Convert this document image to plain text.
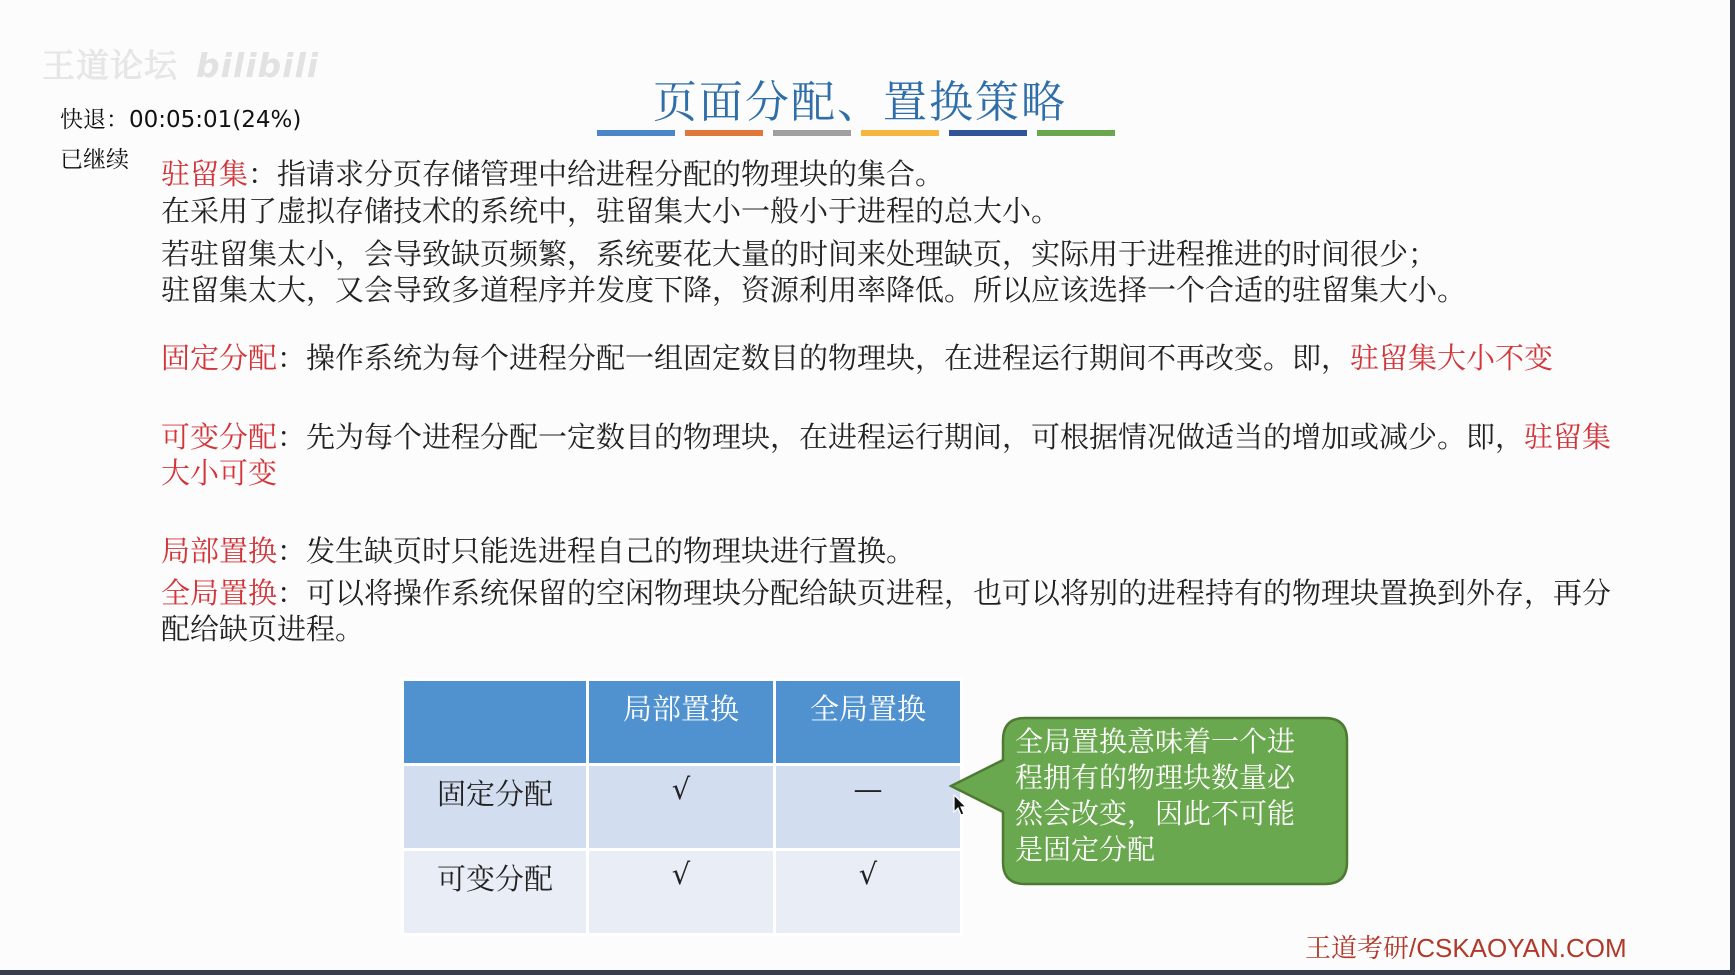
王道论坛 bilibili
快退：00:05:01(24%)
已继续
页面分配、置换策略

驻留集：指请求分页存储管理中给进程分配的物理块的集合。

在采用了虚拟存储技术的系统中，驻留集大小一般小于进程的总大小。

若驻留集太小，会导致缺页频繁，系统要花大量的时间来处理缺页，实际用于进程推进的时间很少；

驻留集太大，又会导致多道程序并发度下降，资源利用率降低。所以应该选择一个合适的驻留集大小。

固定分配：操作系统为每个进程分配一组固定数目的物理块，在进程运行期间不再改变。即，驻留集大小不变

可变分配：先为每个进程分配一定数目的物理块，在进程运行期间，可根据情况做适当的增加或减少。即，驻留集大小可变

局部置换：发生缺页时只能选进程自己的物理块进行置换。

全局置换：可以将操作系统保留的空闲物理块分配给缺页进程，也可以将别的进程持有的物理块置换到外存，再分配给缺页进程。

	局部置换	全局置换
固定分配	√	—
可变分配	√	√
全局置换意味着一个进程拥有的物理块数量必然会改变，因此不可能是固定分配
王道考研/CSKAOYAN.COM
